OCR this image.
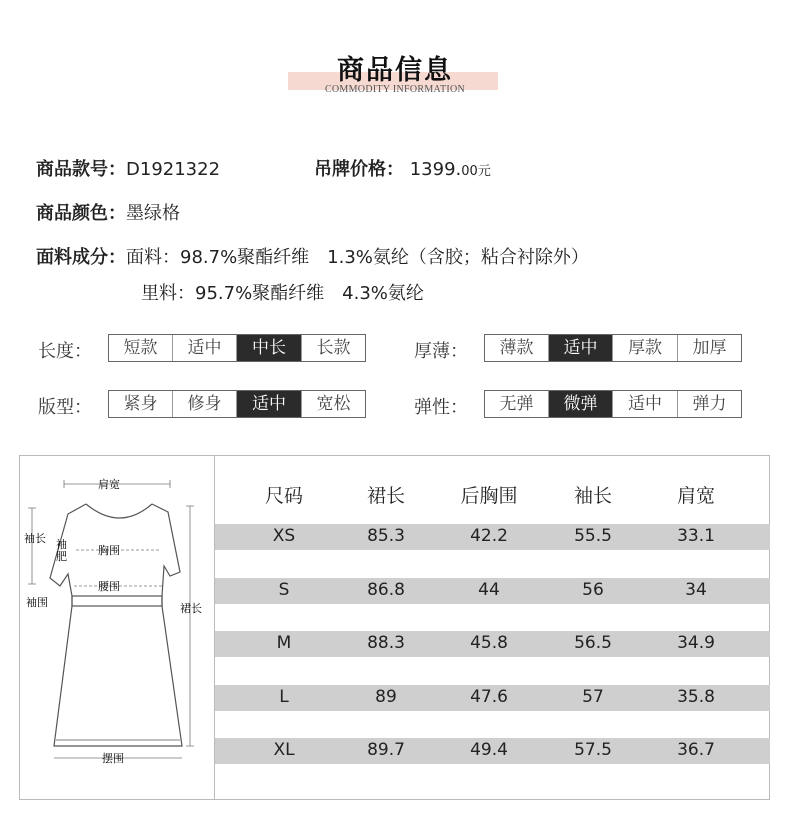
商品信息
COMMODITY INFORMATION
商品款号：D1921322	吊牌价格： 1399.00元
商品颜色：墨绿格
面料成分：面料：98.7%聚酯纤维　1.3%氨纶（含胶；粘合衬除外）
里料：95.7%聚酯纤维　4.3%氨纶
长度：	短款	适中	中长	长款	厚薄：	薄款	适中	厚款	加厚
版型：	紧身	修身	适中	宽松	弹性：	无弹	微弹	适中	弹力
肩宽
袖长 袖
肥	胸围
腰围
袖围	裙长
摆围
尺码	裙长	后胸围	袖长	肩宽
XS	85.3	42.2	55.5	33.1
S	86.8	44	56	34
M	88.3	45.8	56.5	34.9
L	89	47.6	57	35.8
XL	89.7	49.4	57.5	36.7
